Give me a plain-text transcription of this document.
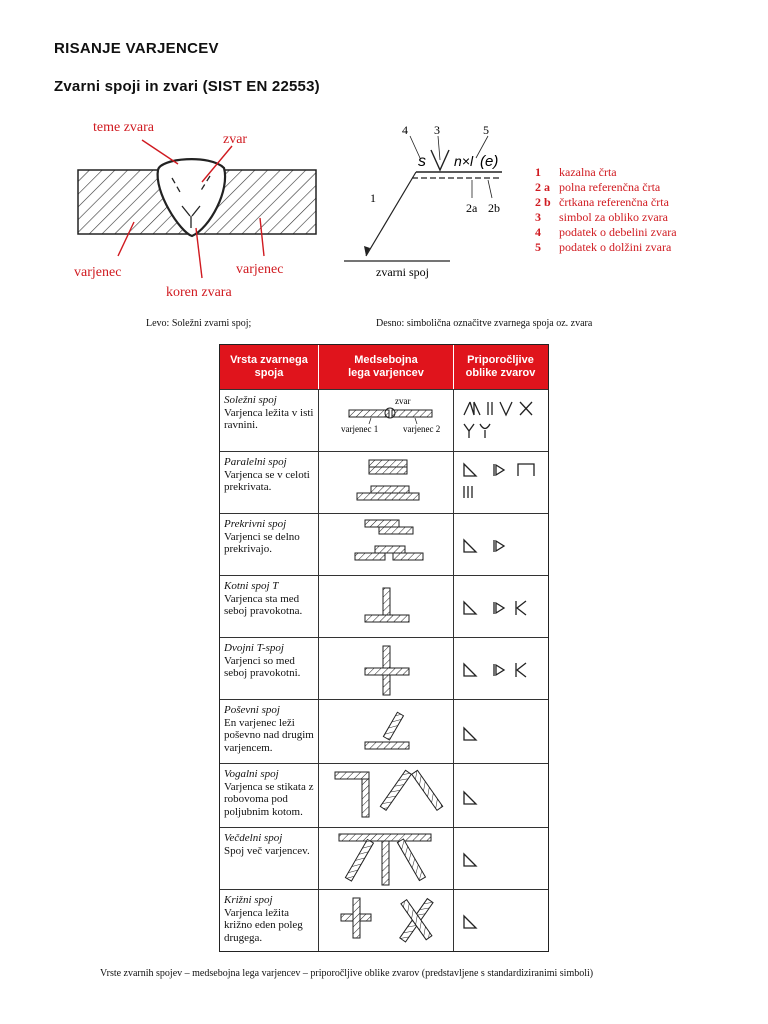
RISANJE VARJENCEV
Zvarni spoji in zvari (SIST EN 22553)
teme zvara
zvar
varjenec	varjenec
koren zvara
4 3	5
1
2a 2b
s n×l (e)
zvarni spoj
1 kazalna črta
2 a polna referenčna črta
2 b črtkana referenčna črta
3 simbol za obliko zvara
4 podatek o debelini zvara
5 podatek o dolžini zvara
Levo: Soležni zvarni spoj;	Desno: simbolična označitve zvarnega spoja oz. zvara
Vrsta zvarnega spoja
Medsebojna lega varjencev
Priporočljive oblike zvarov
Soležni spoj
Varjenca ležita v isti ravnini.
zvar
varjenec 1	varjenec 2
Paralelni spoj
Varjenca se v celoti prekrivata.
Prekrivni spoj
Varjenci se delno prekrivajo.
Kotni spoj T
Varjenca sta med seboj pravokotna.
Dvojni T-spoj
Varjenci so med seboj pravokotni.
Poševni spoj
En varjenec leži poševno nad drugim varjencem.
Vogalni spoj
Varjenca se stikata z robovoma pod poljubnim kotom.
Večdelni spoj
Spoj več varjencev.
Križni spoj
Varjenca ležita križno eden poleg drugega.
Vrste zvarnih spojev – medsebojna lega varjencev – priporočljive oblike zvarov (predstavljene s standardiziranimi simboli)
